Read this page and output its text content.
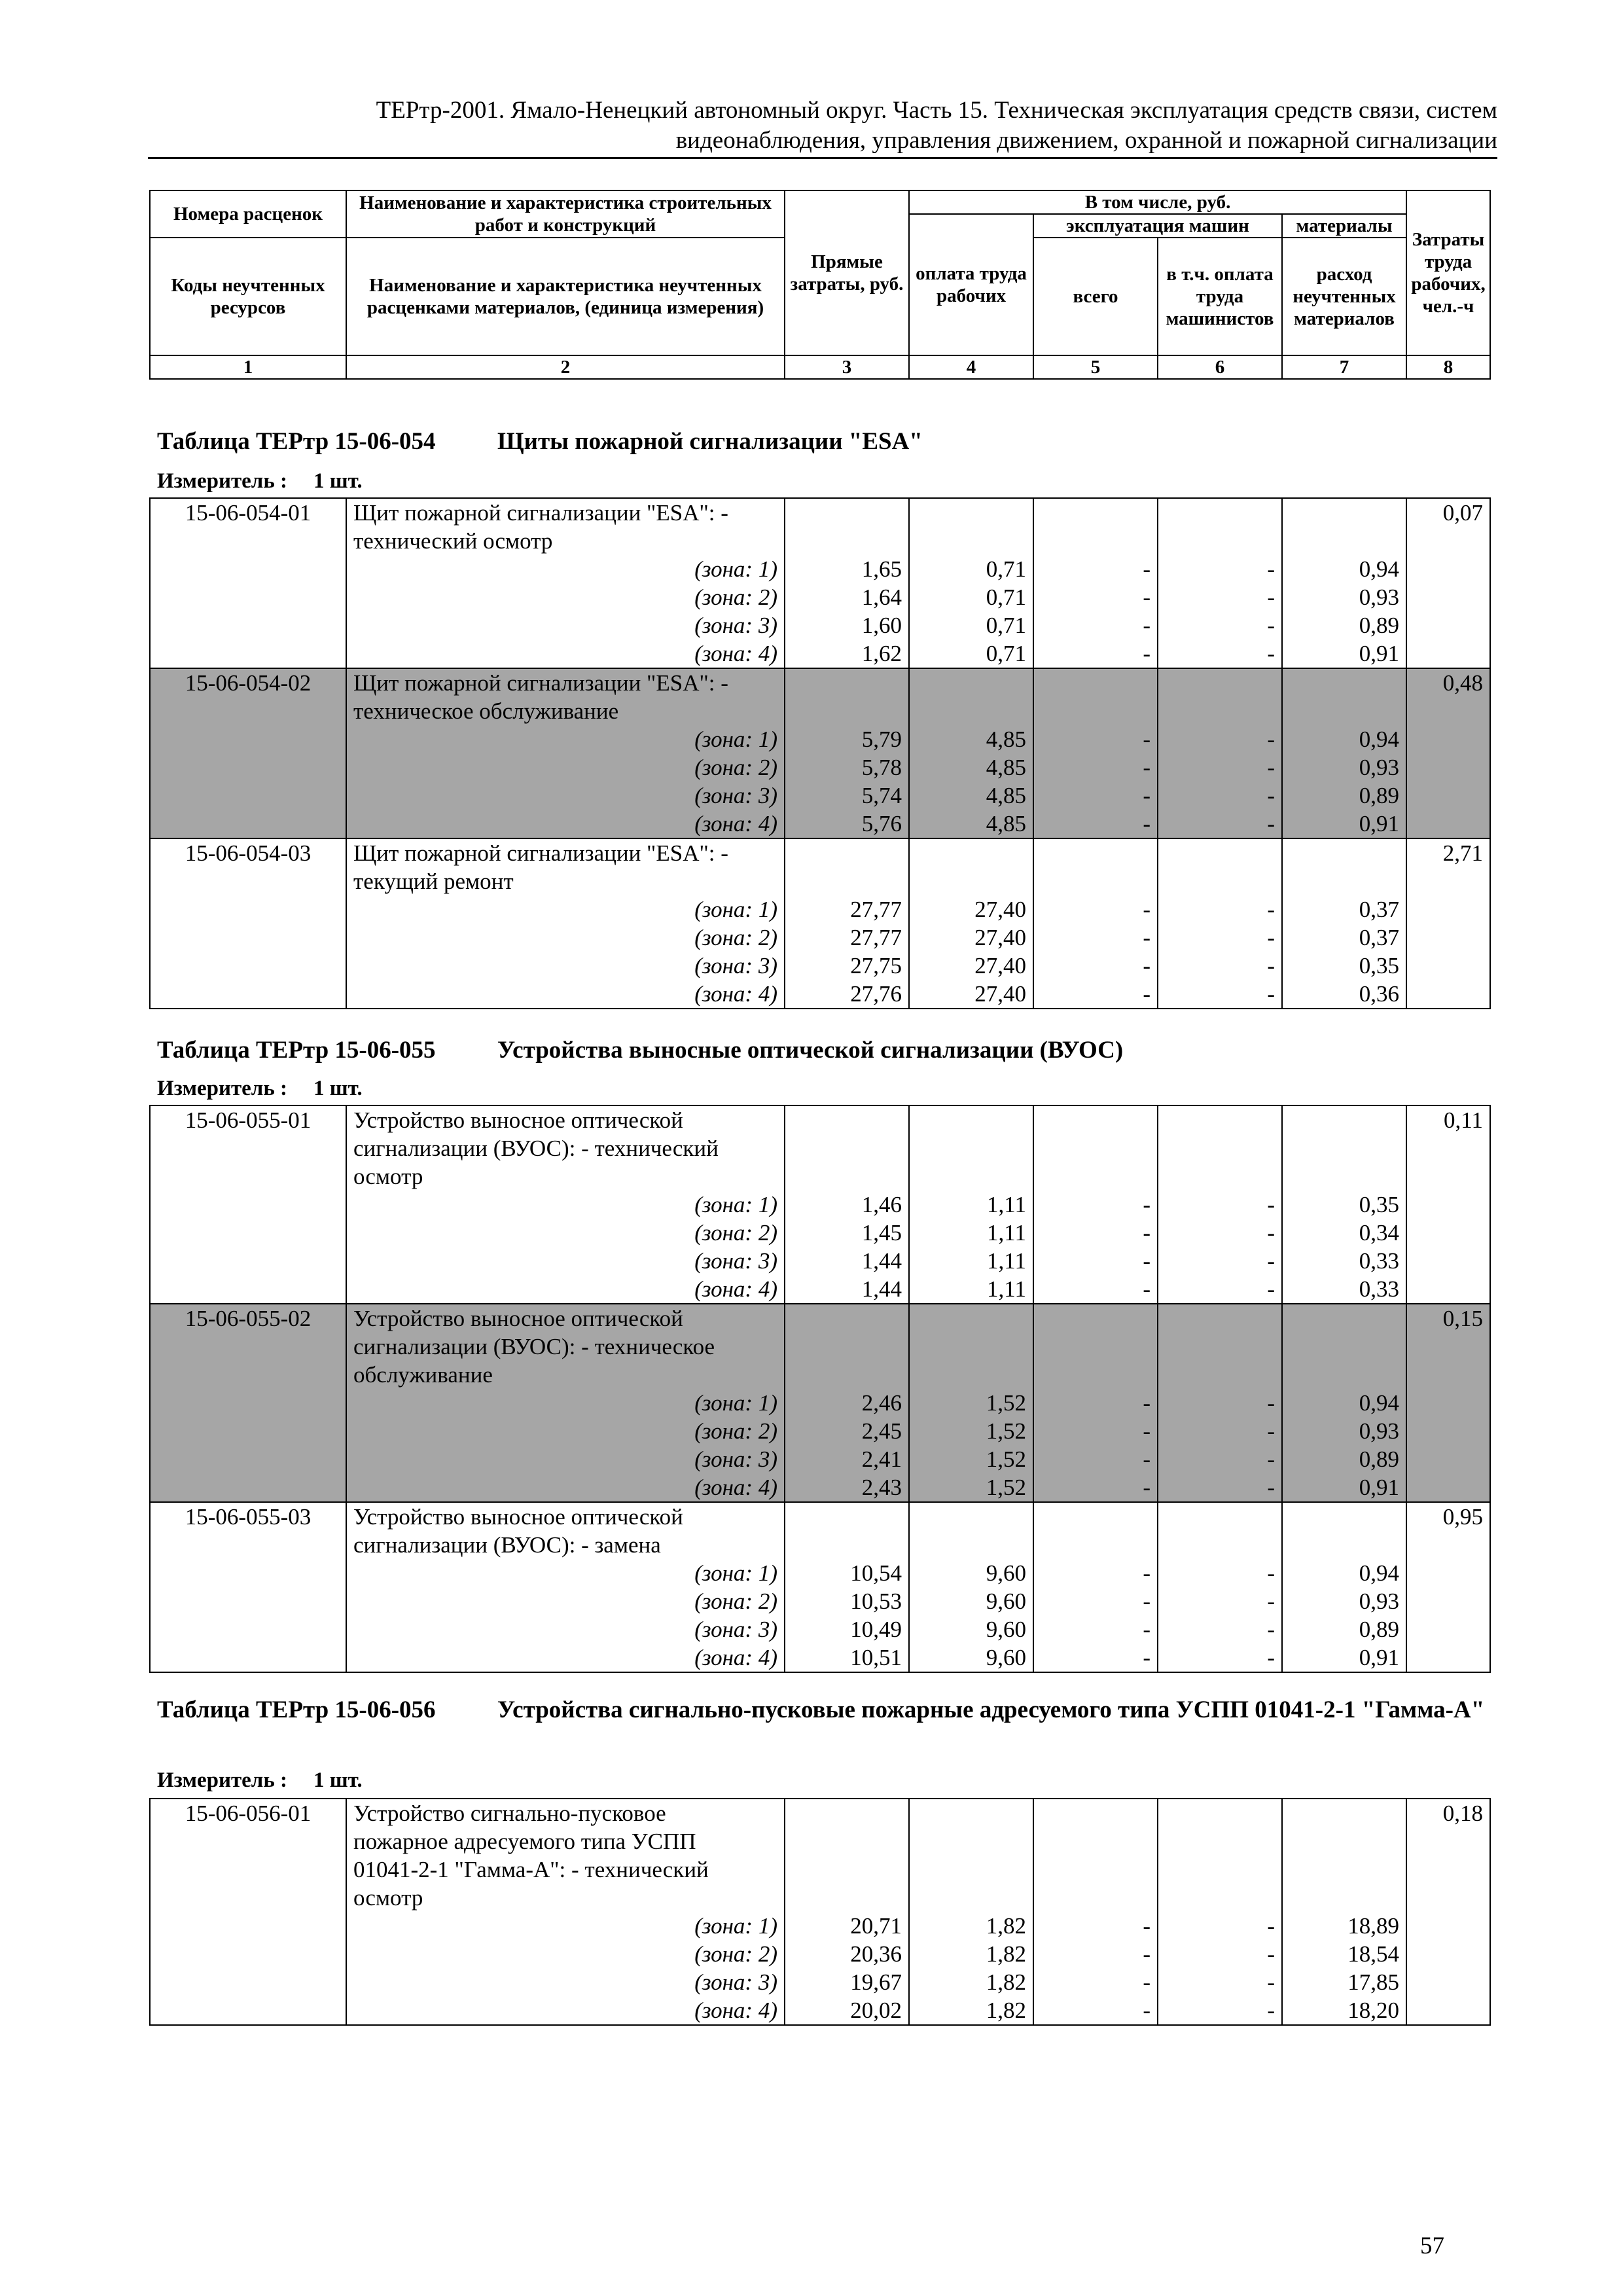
ТЕРтр-2001. Ямало-Ненецкий автономный округ. Часть 15. Техническая эксплуатация средств связи, систем
видеонаблюдения, управления движением, охранной и пожарной сигнализации
Номера расценок	Наименование и характеристика строительных работ и конструкций	Прямые затраты, руб.	В том числе, руб.				Затраты труда рабочих, чел.-ч
			оплата труда рабочих	эксплуатация машин		материалы	
Коды неучтенных ресурсов	Наименование и характеристика неучтенных расценками материалов, (единица измерения)			всего	в т.ч. оплата труда машинистов	расход неучтенных материалов	

1	2	3	4	5	6	7	8
Таблица ТЕРтр 15-06-054	Щиты пожарной сигнализации "ESA"
Измеритель : 1 шт.
15-06-054-01	Щит пожарной сигнализации "ESA": -						0,07
	технический осмотр						
	(зона: 1)	1,65	0,71	-	-	0,94	
	(зона: 2)	1,64	0,71	-	-	0,93	
	(зона: 3)	1,60	0,71	-	-	0,89	
	(зона: 4)	1,62	0,71	-	-	0,91	
15-06-054-02	Щит пожарной сигнализации "ESA": -						0,48
	техническое обслуживание						
	(зона: 1)	5,79	4,85	-	-	0,94	
	(зона: 2)	5,78	4,85	-	-	0,93	
	(зона: 3)	5,74	4,85	-	-	0,89	
	(зона: 4)	5,76	4,85	-	-	0,91	
15-06-054-03	Щит пожарной сигнализации "ESA": -						2,71
	текущий ремонт						
	(зона: 1)	27,77	27,40	-	-	0,37	
	(зона: 2)	27,77	27,40	-	-	0,37	
	(зона: 3)	27,75	27,40	-	-	0,35	
	(зона: 4)	27,76	27,40	-	-	0,36	
Таблица ТЕРтр 15-06-055	Устройства выносные оптической сигнализации (ВУОС)
Измеритель : 1 шт.
15-06-055-01	Устройство выносное оптической						0,11
	сигнализации (ВУОС): - технический						
	осмотр						
	(зона: 1)	1,46	1,11	-	-	0,35	
	(зона: 2)	1,45	1,11	-	-	0,34	
	(зона: 3)	1,44	1,11	-	-	0,33	
	(зона: 4)	1,44	1,11	-	-	0,33	
15-06-055-02	Устройство выносное оптической						0,15
	сигнализации (ВУОС): - техническое						
	обслуживание						
	(зона: 1)	2,46	1,52	-	-	0,94	
	(зона: 2)	2,45	1,52	-	-	0,93	
	(зона: 3)	2,41	1,52	-	-	0,89	
	(зона: 4)	2,43	1,52	-	-	0,91	
15-06-055-03	Устройство выносное оптической						0,95
	сигнализации (ВУОС): - замена						
	(зона: 1)	10,54	9,60	-	-	0,94	
	(зона: 2)	10,53	9,60	-	-	0,93	
	(зона: 3)	10,49	9,60	-	-	0,89	
	(зона: 4)	10,51	9,60	-	-	0,91	
Таблица ТЕРтр 15-06-056	Устройства сигнально-пусковые пожарные адресуемого типа УСПП 01041-2-1 "Гамма-А"
Измеритель : 1 шт.
15-06-056-01	Устройство сигнально-пусковое						0,18
	пожарное адресуемого типа УСПП						
	01041-2-1 "Гамма-А": - технический						
	осмотр						
	(зона: 1)	20,71	1,82	-	-	18,89	
	(зона: 2)	20,36	1,82	-	-	18,54	
	(зона: 3)	19,67	1,82	-	-	17,85	
	(зона: 4)	20,02	1,82	-	-	18,20	
57
